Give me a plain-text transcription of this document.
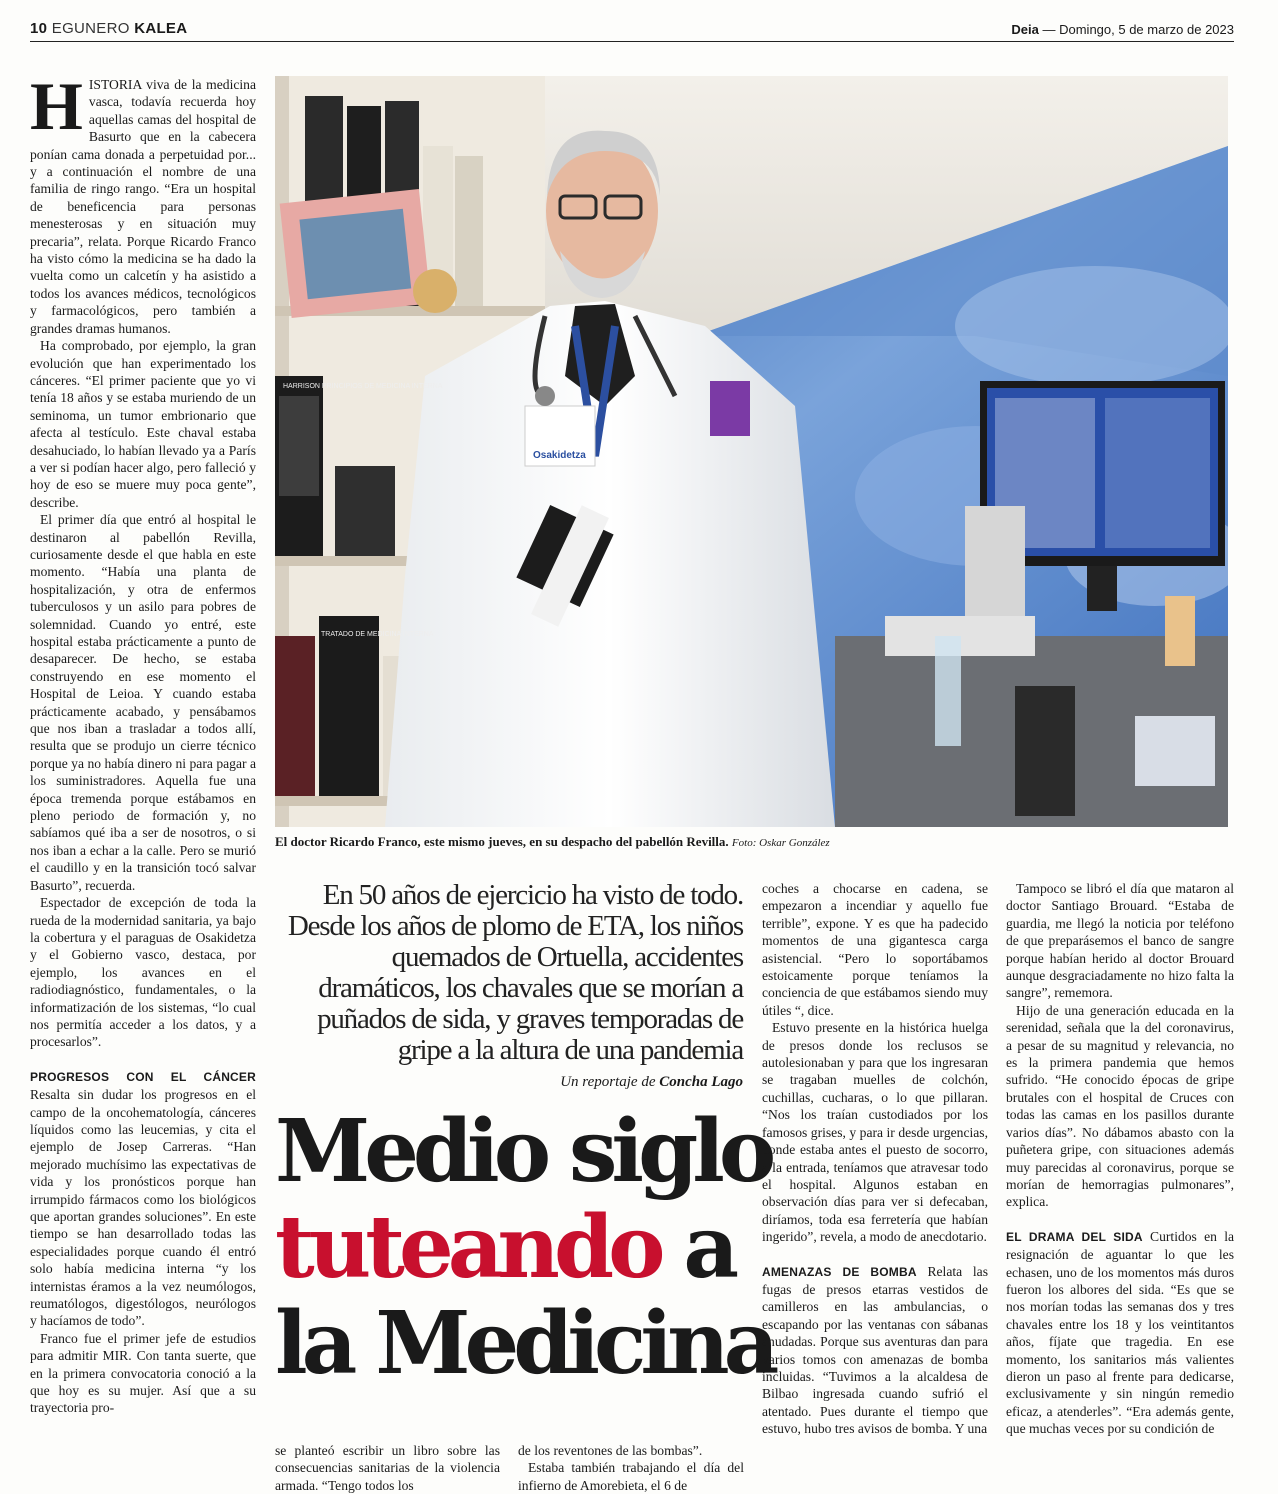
10 EGUNERO KALEA	Deia — Domingo, 5 de marzo de 2023

HISTORIA viva de la medicina vasca, todavía recuerda hoy aquellas camas del hospital de Basurto que en la cabecera ponían cama donada a perpetuidad por... y a continuación el nombre de una familia de ringo rango. “Era un hospital de beneficencia para personas menesterosas y en situación muy precaria”, relata. Porque Ricardo Franco ha visto cómo la medicina se ha dado la vuelta como un calcetín y ha asistido a todos los avances médicos, tecnológicos y farmacológicos, pero también a grandes dramas humanos.

Ha comprobado, por ejemplo, la gran evolución que han experimentado los cánceres. “El primer paciente que yo vi tenía 18 años y se estaba muriendo de un seminoma, un tumor embrionario que afecta al testículo. Este chaval estaba desahuciado, lo habían llevado ya a París a ver si podían hacer algo, pero falleció y hoy de eso se muere muy poca gente”, describe.

El primer día que entró al hospital le destinaron al pabellón Revilla, curiosamente desde el que habla en este momento. “Había una planta de hospitalización, y otra de enfermos tuberculosos y un asilo para pobres de solemnidad. Cuando yo entré, este hospital estaba prácticamente a punto de desaparecer. De hecho, se estaba construyendo en ese momento el Hospital de Leioa. Y cuando estaba prácticamente acabado, y pensábamos que nos iban a trasladar a todos allí, resulta que se produjo un cierre técnico porque ya no había dinero ni para pagar a los suministradores. Aquella fue una época tremenda porque estábamos en pleno periodo de formación y, no sabíamos qué iba a ser de nosotros, o si nos iban a echar a la calle. Pero se murió el caudillo y en la transición tocó salvar Basurto”, recuerda.

Espectador de excepción de toda la rueda de la modernidad sanitaria, ya bajo la cobertura y el paraguas de Osakidetza y el Gobierno vasco, destaca, por ejemplo, los avances en el radiodiagnóstico, fundamentales, o la informatización de los sistemas, “lo cual nos permitía acceder a los datos, y a procesarlos”.

PROGRESOS CON EL CÁNCER Resalta sin dudar los progresos en el campo de la oncohematología, cánceres líquidos como las leucemias, y cita el ejemplo de Josep Carreras. “Han mejorado muchísimo las expectativas de vida y los pronósticos porque han irrumpido fármacos como los biológicos que aportan grandes soluciones”. En este tiempo se han desarrollado todas las especialidades porque cuando él entró solo había medicina interna “y los internistas éramos a la vez neumólogos, reumatólogos, digestólogos, neurólogos y hacíamos de todo”.

Franco fue el primer jefe de estudios para admitir MIR. Con tanta suerte, que en la primera convocatoria conoció a la que hoy es su mujer. Así que a su trayectoria pro-

Osakidetza
HARRISON PRINCIPIOS DE MEDICINA INTERNA
TRATADO DE MEDICINA INTERNA
El doctor Ricardo Franco, este mismo jueves, en su despacho del pabellón Revilla. Foto: Oskar González
En 50 años de ejercicio ha visto de todo. Desde los años de plomo de ETA, los niños quemados de Ortuella, accidentes dramáticos, los chavales que se morían a puñados de sida, y graves temporadas de gripe a la altura de una pandemia
Un reportaje de Concha Lago
Medio siglo
tuteando a
la Medicina

se planteó escribir un libro sobre las consecuencias sanitarias de la violencia armada. “Tengo todos los

de los reventones de las bombas”.

Estaba también trabajando el día del infierno de Amorebieta, el 6 de

coches a chocarse en cadena, se empezaron a incendiar y aquello fue terrible”, expone. Y es que ha padecido momentos de una gigantesca carga asistencial. “Pero lo soportábamos estoicamente porque teníamos la conciencia de que estábamos siendo muy útiles “, dice.

Estuvo presente en la histórica huelga de presos donde los reclusos se autolesionaban y para que los ingresaran se tragaban muelles de colchón, cuchillas, cucharas, o lo que pillaran. “Nos los traían custodiados por los famosos grises, y para ir desde urgencias, donde estaba antes el puesto de socorro, a la entrada, teníamos que atravesar todo el hospital. Algunos estaban en observación días para ver si defecaban, diríamos, toda esa ferretería que habían ingerido”, revela, a modo de anecdotario.

AMENAZAS DE BOMBA Relata las fugas de presos etarras vestidos de camilleros en las ambulancias, o escapando por las ventanas con sábanas anudadas. Porque sus aventuras dan para varios tomos con amenazas de bomba incluidas. “Tuvimos a la alcaldesa de Bilbao ingresada cuando sufrió el atentado. Pues durante el tiempo que estuvo, hubo tres avisos de bomba. Y una

Tampoco se libró el día que mataron al doctor Santiago Brouard. “Estaba de guardia, me llegó la noticia por teléfono de que preparásemos el banco de sangre porque habían herido al doctor Brouard aunque desgraciadamente no hizo falta la sangre”, rememora.

Hijo de una generación educada en la serenidad, señala que la del coronavirus, a pesar de su magnitud y relevancia, no es la primera pandemia que hemos sufrido. “He conocido épocas de gripe brutales con el hospital de Cruces con todas las camas en los pasillos durante varios días”. No dábamos abasto con la puñetera gripe, con situaciones además muy parecidas al coronavirus, porque se morían de hemorragias pulmonares”, explica.

EL DRAMA DEL SIDA Curtidos en la resignación de aguantar lo que les echasen, uno de los momentos más duros fueron los albores del sida. “Es que se nos morían todas las semanas dos y tres chavales entre los 18 y los veintitantos años, fíjate que tragedia. En ese momento, los sanitarios más valientes dieron un paso al frente para dedicarse, exclusivamente y sin ningún remedio eficaz, a atenderles”. “Era además gente, que muchas veces por su condición de
